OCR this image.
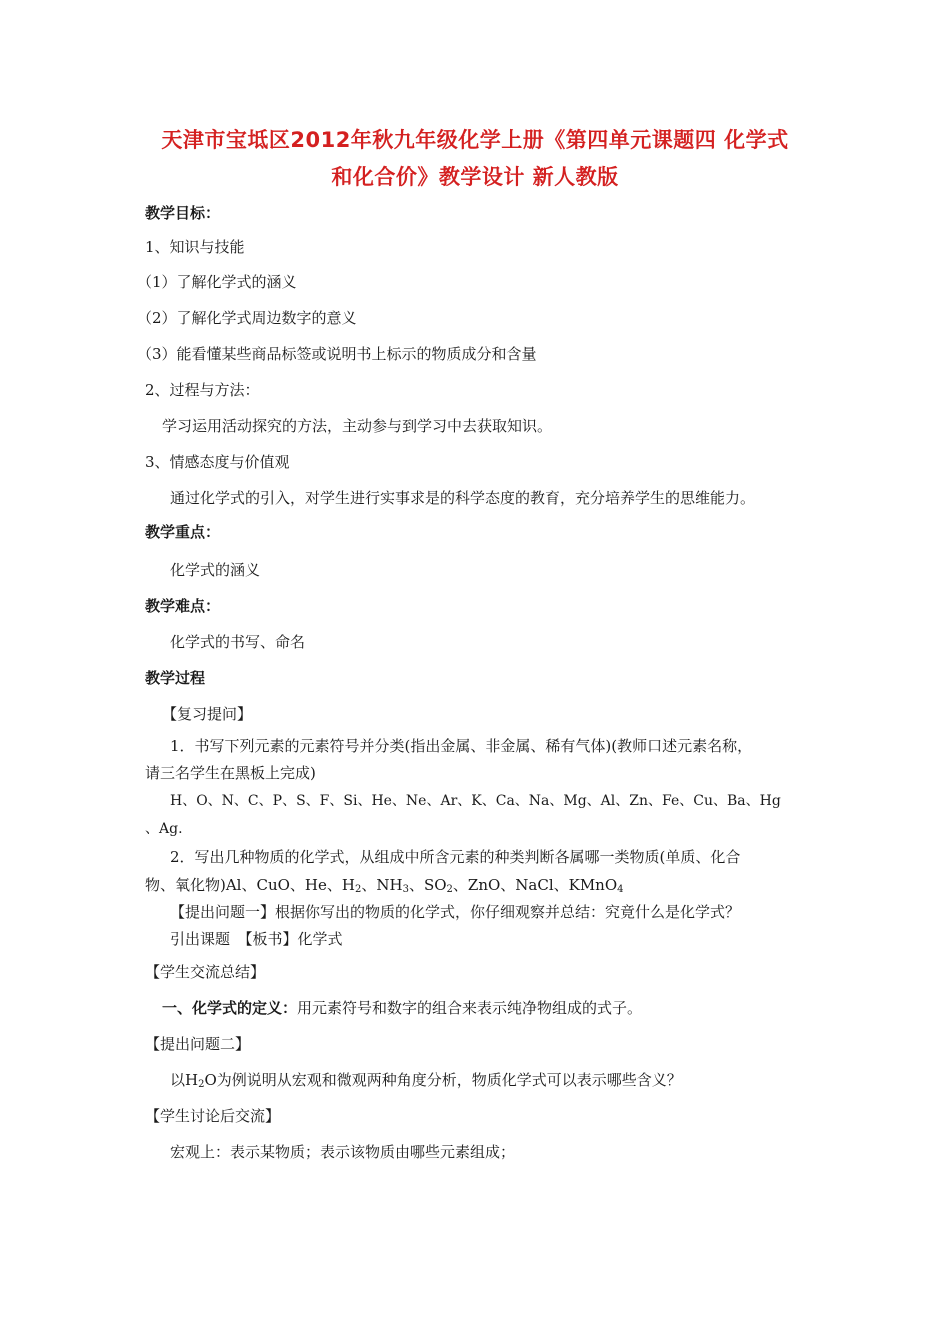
天津市宝坻区2012年秋九年级化学上册《第四单元课题四 化学式
和化合价》教学设计 新人教版
教学目标：
1、知识与技能
（1）了解化学式的涵义
（2）了解化学式周边数字的意义
（3）能看懂某些商品标签或说明书上标示的物质成分和含量
2、过程与方法：
学习运用活动探究的方法，主动参与到学习中去获取知识。
3、情感态度与价值观
通过化学式的引入，对学生进行实事求是的科学态度的教育，充分培养学生的思维能力。
教学重点：
化学式的涵义
教学难点：
化学式的书写、命名
教学过程
【复习提问】
1．书写下列元素的元素符号并分类(指出金属、非金属、稀有气体)(教师口述元素名称，
请三名学生在黑板上完成)
H、O、N、C、P、S、F、Si、He、Ne、Ar、K、Ca、Na、Mg、Al、Zn、Fe、Cu、Ba、Hg
、Ag.
2．写出几种物质的化学式，从组成中所含元素的种类判断各属哪一类物质(单质、化合
物、氧化物)Al、CuO、He、$H_2$、$NH_3$、$SO_2$、ZnO、NaCl、KMnO$_4$
【提出问题一】根据你写出的物质的化学式，你仔细观察并总结：究竟什么是化学式？
引出课题　【板书】化学式
【学生交流总结】
一、化学式的定义：用元素符号和数字的组合来表示纯净物组成的式子。
【提出问题二】
以$H_2O$为例说明从宏观和微观两种角度分析，物质化学式可以表示哪些含义？
【学生讨论后交流】
宏观上：表示某物质；表示该物质由哪些元素组成；
